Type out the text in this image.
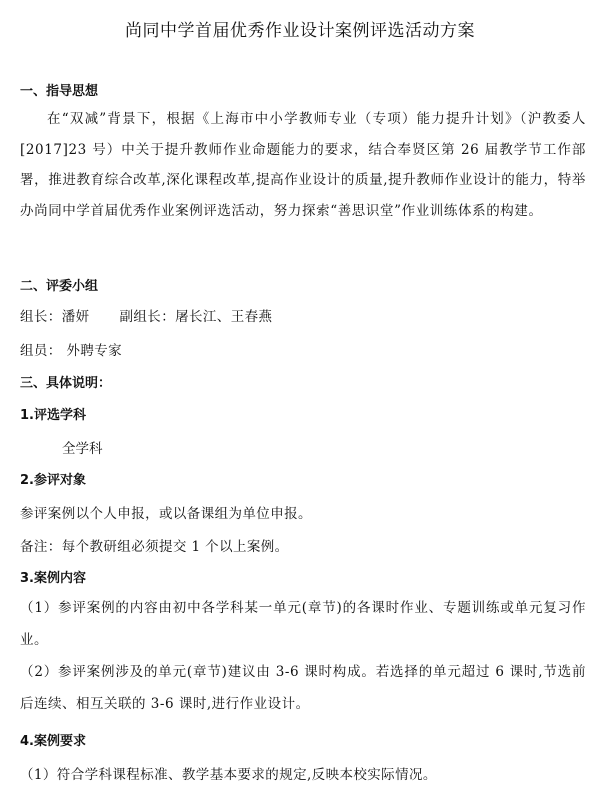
尚同中学首届优秀作业设计案例评选活动方案
一、指导思想
在“双减”背景下，根据《上海市中小学教师专业（专项）能力提升计划》（沪教委人[2017]23 号）中关于提升教师作业命题能力的要求，结合奉贤区第 26 届教学节工作部署，推进教育综合改革,深化课程改革,提高作业设计的质量,提升教师作业设计的能力，特举办尚同中学首届优秀作业案例评选活动，努力探索“善思识堂”作业训练体系的构建。
二、评委小组
组长：潘妍 副组长：屠长江、王春燕
组员： 外聘专家
三、具体说明：
1.评选学科
全学科
2.参评对象
参评案例以个人申报，或以备课组为单位申报。
备注：每个教研组必须提交 1 个以上案例。
3.案例内容
（1）参评案例的内容由初中各学科某一单元(章节)的各课时作业、专题训练或单元复习作业。
（2）参评案例涉及的单元(章节)建议由 3-6 课时构成。若选择的单元超过 6 课时,节选前后连续、相互关联的 3-6 课时,进行作业设计。
4.案例要求
（1）符合学科课程标准、教学基本要求的规定,反映本校实际情况。
